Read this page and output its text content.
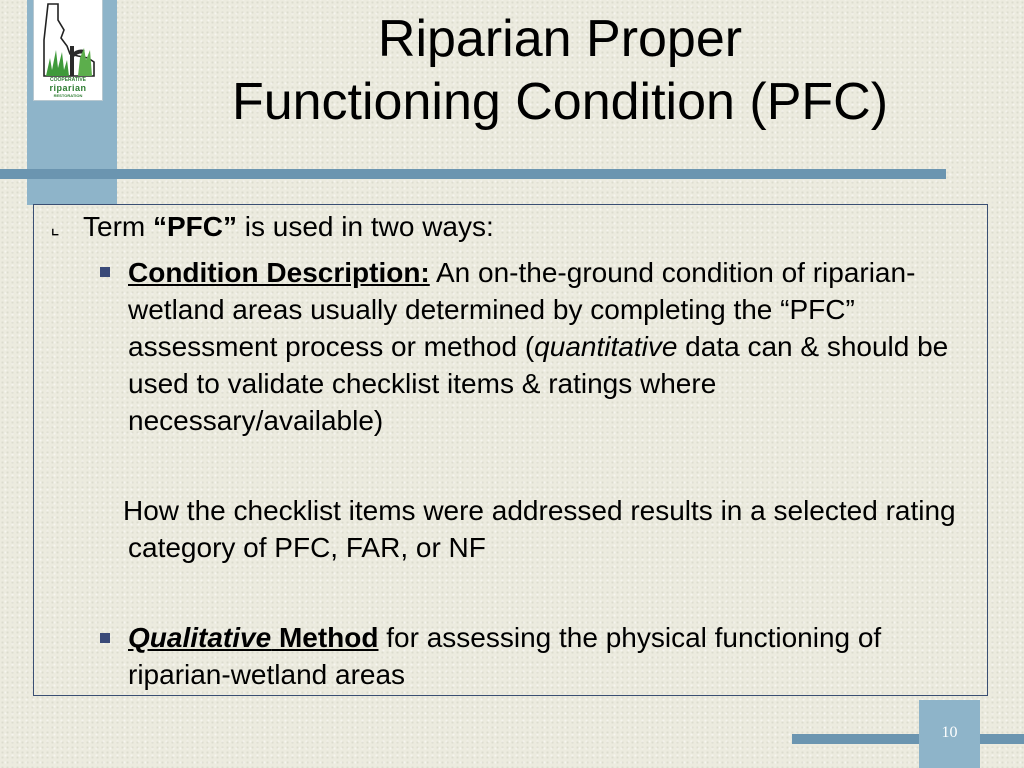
COOPERATIVE
riparian
RESTORATION
Riparian Proper
Functioning Condition (PFC)
⌞ Term “PFC” is used in two ways:
Condition Description: An on-the-ground condition of riparian-wetland areas usually determined by completing the “PFC” assessment process or method (quantitative data can & should be used to validate checklist items & ratings where necessary/available)
How the checklist items were addressed results in a selected rating category of PFC, FAR, or NF
Qualitative Method for assessing the physical functioning of riparian-wetland areas
10
